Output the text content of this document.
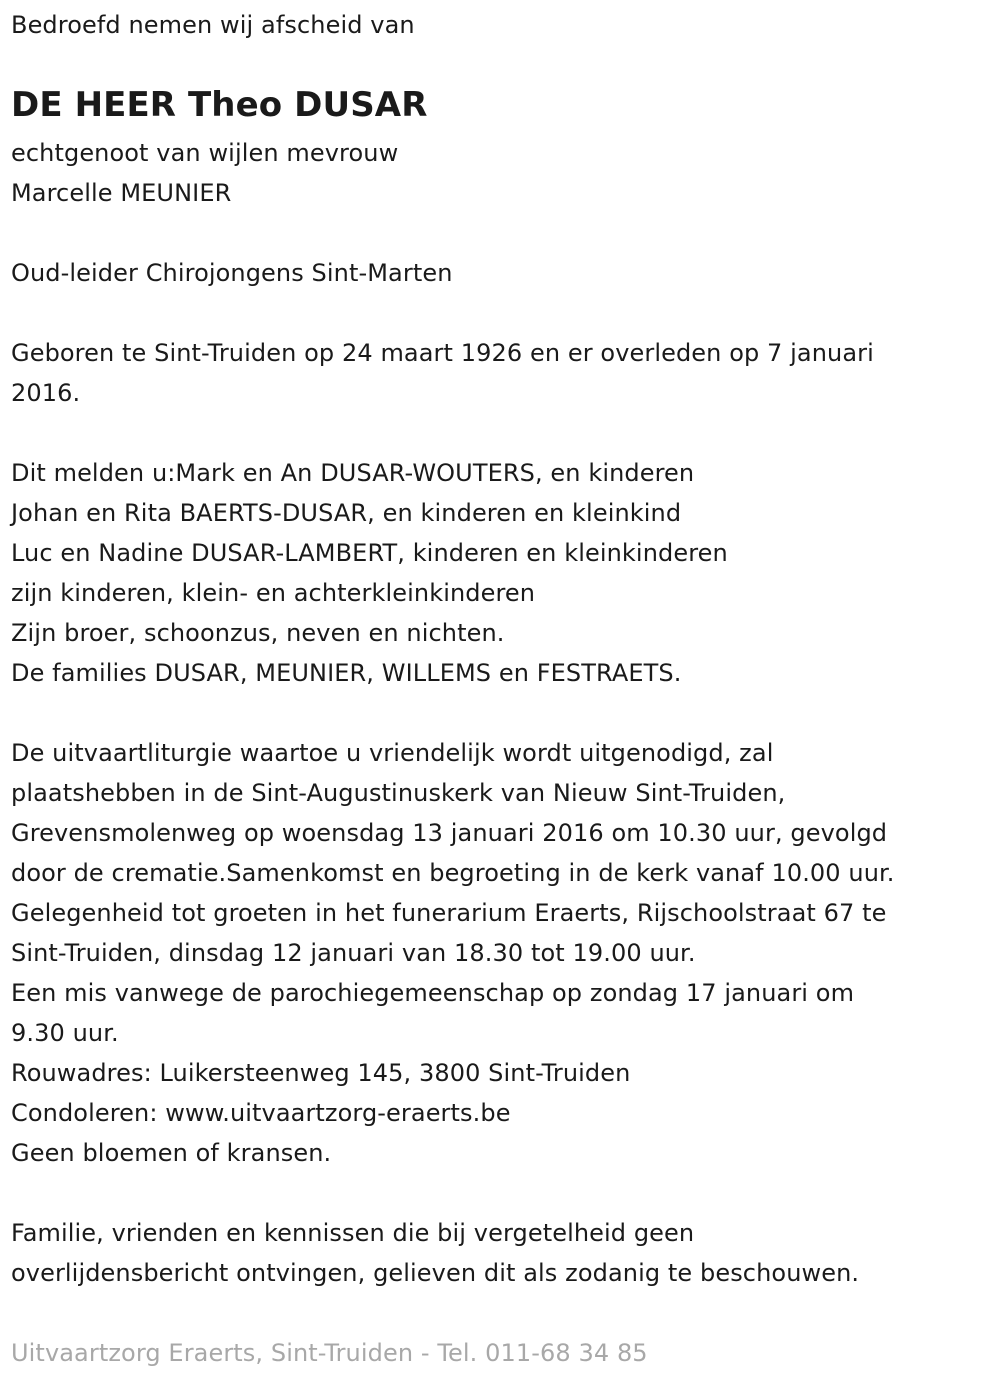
Bedroefd nemen wij afscheid van
DE HEER Theo DUSAR
echtgenoot van wijlen mevrouw
Marcelle MEUNIER
Oud-leider Chirojongens Sint-Marten
Geboren te Sint-Truiden op 24 maart 1926 en er overleden op 7 januari
2016.
Dit melden u:Mark en An DUSAR-WOUTERS, en kinderen
Johan en Rita BAERTS-DUSAR, en kinderen en kleinkind
Luc en Nadine DUSAR-LAMBERT, kinderen en kleinkinderen
zijn kinderen, klein- en achterkleinkinderen
Zijn broer, schoonzus, neven en nichten.
De families DUSAR, MEUNIER, WILLEMS en FESTRAETS.
De uitvaartliturgie waartoe u vriendelijk wordt uitgenodigd, zal
plaatshebben in de Sint-Augustinuskerk van Nieuw Sint-Truiden,
Grevensmolenweg op woensdag 13 januari 2016 om 10.30 uur, gevolgd
door de crematie.Samenkomst en begroeting in de kerk vanaf 10.00 uur.
Gelegenheid tot groeten in het funerarium Eraerts, Rijschoolstraat 67 te
Sint-Truiden, dinsdag 12 januari van 18.30 tot 19.00 uur.
Een mis vanwege de parochiegemeenschap op zondag 17 januari om
9.30 uur.
Rouwadres: Luikersteenweg 145, 3800 Sint-Truiden
Condoleren: www.uitvaartzorg-eraerts.be
Geen bloemen of kransen.
Familie, vrienden en kennissen die bij vergetelheid geen
overlijdensbericht ontvingen, gelieven dit als zodanig te beschouwen.
Uitvaartzorg Eraerts, Sint-Truiden - Tel. 011-68 34 85
